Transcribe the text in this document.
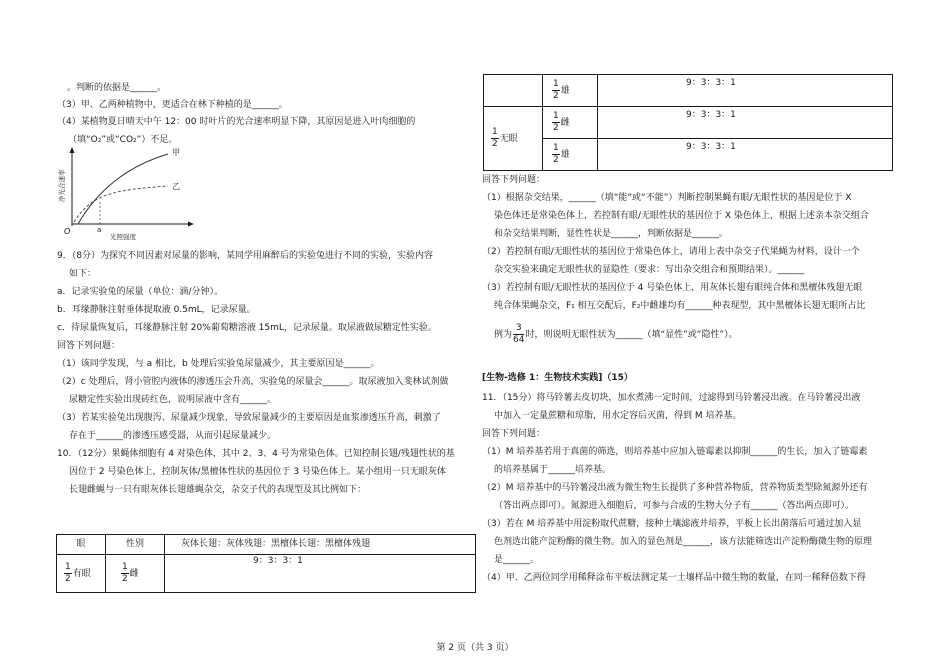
。判断的依据是______。
（3）甲、乙两种植物中，更适合在林下种植的是______。
（4）某植物夏日晴天中午 12：00 时叶片的光合速率明显下降，其原因是进入叶肉细胞的
（填“O₂”或“CO₂”）不足。
甲
乙
O	a
光照强度
净光合速率
9．（8分）为探究不同因素对尿量的影响，某同学用麻醉后的实验兔进行不同的实验，实验内容
如下：
a．记录实验兔的尿量（单位：滴/分钟）。
b．耳缘静脉注射垂体提取液 0.5mL，记录尿量。
c．待尿量恢复后，耳缘静脉注射 20%葡萄糖溶液 15mL，记录尿量。取尿液做尿糖定性实验。
回答下列问题：
（1）该同学发现，与 a 相比，b 处理后实验兔尿量减少，其主要原因是______。
（2）c 处理后，肾小管腔内液体的渗透压会升高，实验兔的尿量会______。取尿液加入斐林试剂做
尿糖定性实验出现砖红色，说明尿液中含有______。
（3）若某实验兔出现腹泻、尿量减少现象，导致尿量减少的主要原因是血浆渗透压升高，刺激了
存在于______的渗透压感受器，从而引起尿量减少。
10．（12分）果蝇体细胞有 4 对染色体，其中 2、3、4 号为常染色体。已知控制长翅/残翅性状的基
因位于 2 号染色体上，控制灰体/黑檀体性状的基因位于 3 号染色体上。某小组用一只无眼灰体
长翅雌蝇与一只有眼灰体长翅雄蝇杂交，杂交子代的表现型及其比例如下：
眼	性别	灰体长翅：灰体残翅：黑檀体长翅：黑檀体残翅

$\frac{1}{2}$ 有眼	$\frac{1}{2}$ 雌	9：3：3：1

	$\frac{1}{2}$ 雄	9：3：3：1

$\frac{1}{2}$ 无眼	$\frac{1}{2}$ 雌	9：3：3：1

	$\frac{1}{2}$ 雄	9：3：3：1
回答下列问题：
（1）根据杂交结果，______（填“能”或“不能”）判断控制果蝇有眼/无眼性状的基因是位于 X
染色体还是常染色体上，若控制有眼/无眼性状的基因位于 X 染色体上，根据上述亲本杂交组合
和杂交结果判断，显性性状是______，判断依据是______。
（2）若控制有眼/无眼性状的基因位于常染色体上，请用上表中杂交子代果蝇为材料，设计一个
杂交实验来确定无眼性状的显隐性（要求：写出杂交组合和预期结果）。______
（3）若控制有眼/无眼性状的基因位于 4 号染色体上，用灰体长翅有眼纯合体和黑檀体残翅无眼
纯合体果蝇杂交，F₁ 相互交配后，F₂中雌雄均有______种表现型，其中黑檀体长翅无眼所占比
例为 $\frac{3}{64}$ 时，则说明无眼性状为______（填“显性”或“隐性”）。
[生物-选修 1：生物技术实践]（15）
11．（15分）将马铃薯去皮切块，加水煮沸一定时间，过滤得到马铃薯浸出液。在马铃薯浸出液
中加入一定量蔗糖和琼脂，用水定容后灭菌，得到 M 培养基。
回答下列问题：
（1）M 培养基若用于真菌的筛选，则培养基中应加入链霉素以抑制______的生长，加入了链霉素
的培养基属于______培养基。
（2）M 培养基中的马铃薯浸出液为微生物生长提供了多种营养物质，营养物质类型除氮源外还有
（答出两点即可）。氮源进入细胞后，可参与合成的生物大分子有______（答出两点即可）。
（3）若在 M 培养基中用淀粉取代蔗糖，接种土壤滤液并培养，平板上长出菌落后可通过加入显
色剂选出能产淀粉酶的微生物。加入的显色剂是______，该方法能筛选出产淀粉酶微生物的原理
是______。
（4）甲、乙两位同学用稀释涂布平板法测定某一土壤样品中微生物的数量，在同一稀释倍数下得
第 2 页（共 3 页）
